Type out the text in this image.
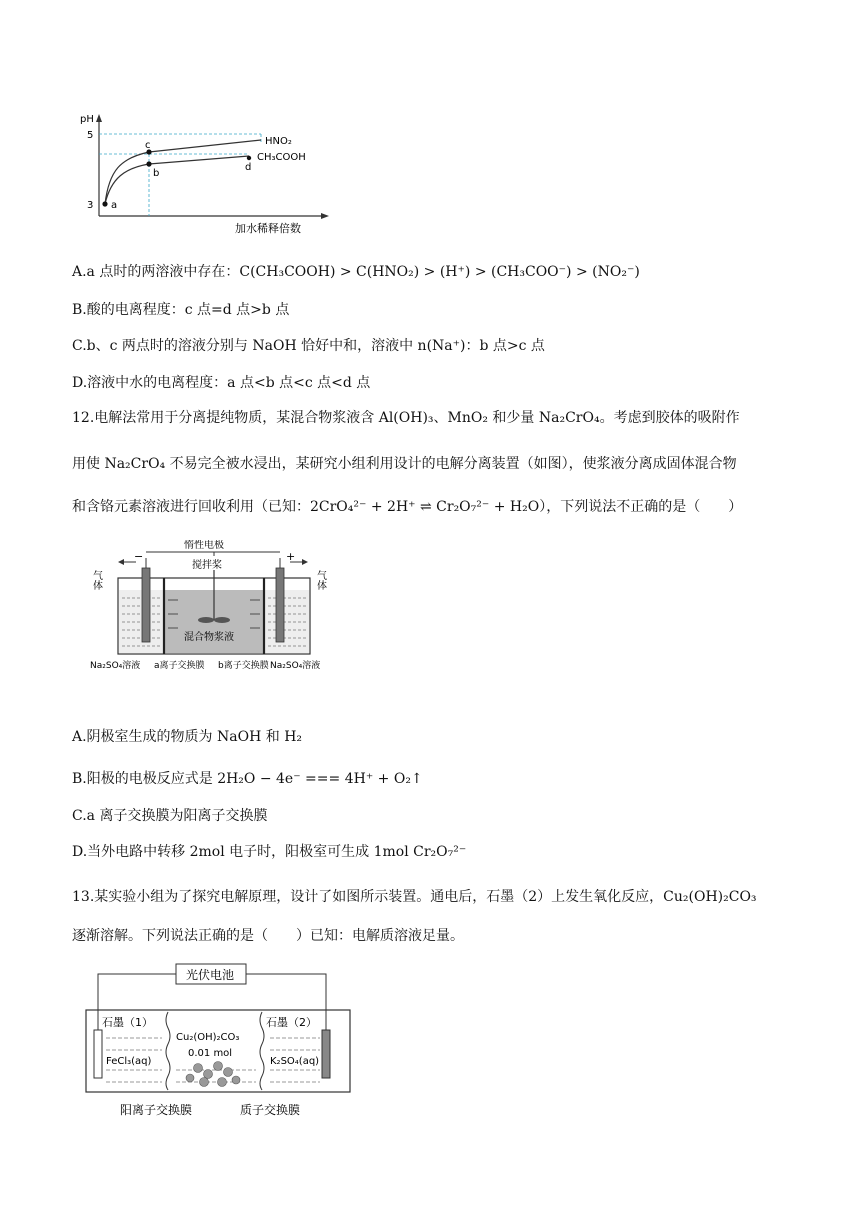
pH
5
3 a
c
b
d
HNO₂
CH₃COOH
加水稀释倍数
A.a 点时的两溶液中存在：C(CH₃COOH) > C(HNO₂) > (H⁺) > (CH₃COO⁻) > (NO₂⁻)
B.酸的电离程度：c 点=d 点>b 点
C.b、c 两点时的溶液分别与 NaOH 恰好中和，溶液中 n(Na⁺)：b 点>c 点
D.溶液中水的电离程度：a 点<b 点<c 点<d 点
12.电解法常用于分离提纯物质，某混合物浆液含 Al(OH)₃、MnO₂ 和少量 Na₂CrO₄。考虑到胶体的吸附作
用使 Na₂CrO₄ 不易完全被水浸出，某研究小组利用设计的电解分离装置（如图），使浆液分离成固体混合物
和含铬元素溶液进行回收利用（已知：2CrO₄²⁻ + 2H⁺ ⇌ Cr₂O₇²⁻ + H₂O），下列说法不正确的是（　　）
惰性电极
搅拌桨
混合物浆液
−	+
气体	气体
Na₂SO₄溶液	Na₂SO₄溶液
a离子交换膜 b离子交换膜
A.阴极室生成的物质为 NaOH 和 H₂
B.阳极的电极反应式是 2H₂O − 4e⁻ === 4H⁺ + O₂↑
C.a 离子交换膜为阳离子交换膜
D.当外电路中转移 2mol 电子时，阳极室可生成 1mol Cr₂O₇²⁻
13.某实验小组为了探究电解原理，设计了如图所示装置。通电后，石墨（2）上发生氧化反应，Cu₂(OH)₂CO₃
逐渐溶解。下列说法正确的是（　　）已知：电解质溶液足量。
光伏电池
石墨（1）	石墨（2）
Cu₂(OH)₂CO₃
0.01 mol
FeCl₃(aq)	K₂SO₄(aq)
阳离子交换膜	质子交换膜
